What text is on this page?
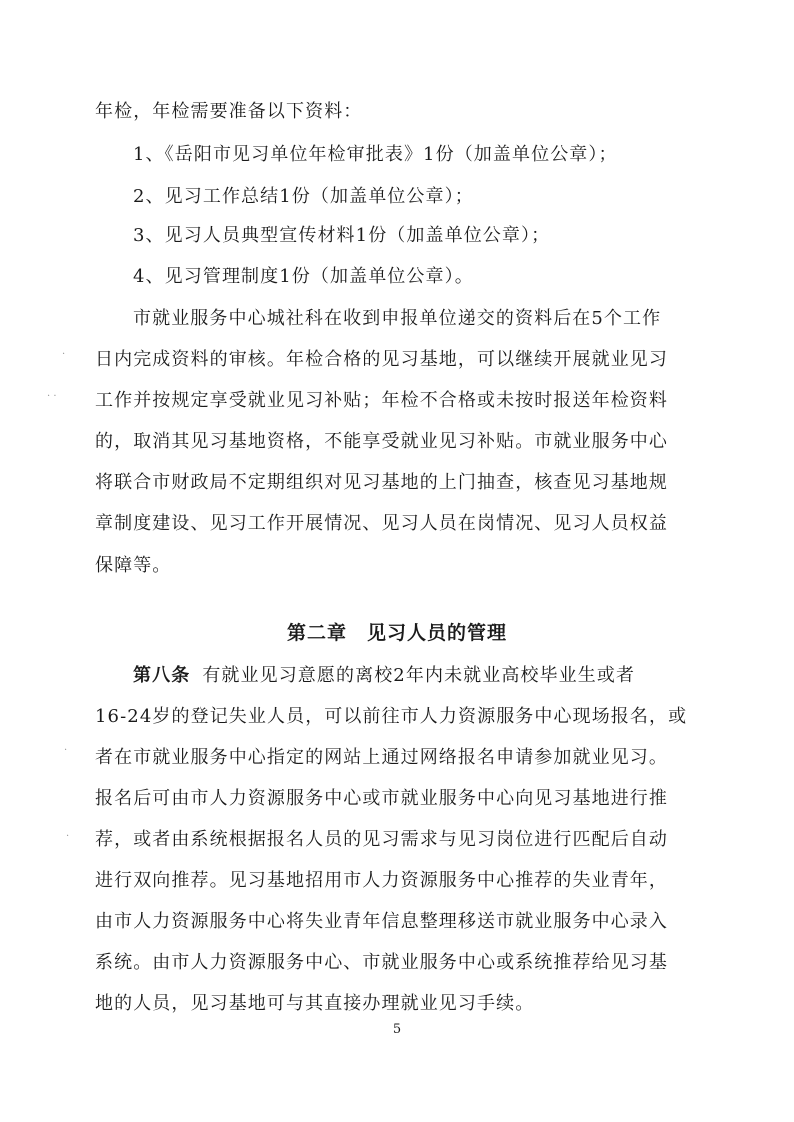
年检，年检需要准备以下资料：

1、《岳阳市见习单位年检审批表》1份（加盖单位公章）；

2、见习工作总结1份（加盖单位公章）；

3、见习人员典型宣传材料1份（加盖单位公章）；

4、见习管理制度1份（加盖单位公章）。

市就业服务中心城社科在收到申报单位递交的资料后在5个工作

日内完成资料的审核。年检合格的见习基地，可以继续开展就业见习

工作并按规定享受就业见习补贴；年检不合格或未按时报送年检资料

的，取消其见习基地资格，不能享受就业见习补贴。市就业服务中心

将联合市财政局不定期组织对见习基地的上门抽查，核查见习基地规

章制度建设、见习工作开展情况、见习人员在岗情况、见习人员权益

保障等。

第二章　见习人员的管理

第八条 有就业见习意愿的离校2年内未就业高校毕业生或者

16-24岁的登记失业人员，可以前往市人力资源服务中心现场报名，或

者在市就业服务中心指定的网站上通过网络报名申请参加就业见习。

报名后可由市人力资源服务中心或市就业服务中心向见习基地进行推

荐，或者由系统根据报名人员的见习需求与见习岗位进行匹配后自动

进行双向推荐。见习基地招用市人力资源服务中心推荐的失业青年，

由市人力资源服务中心将失业青年信息整理移送市就业服务中心录入

系统。由市人力资源服务中心、市就业服务中心或系统推荐给见习基

地的人员，见习基地可与其直接办理就业见习手续。

5
·
· ·
·
·
